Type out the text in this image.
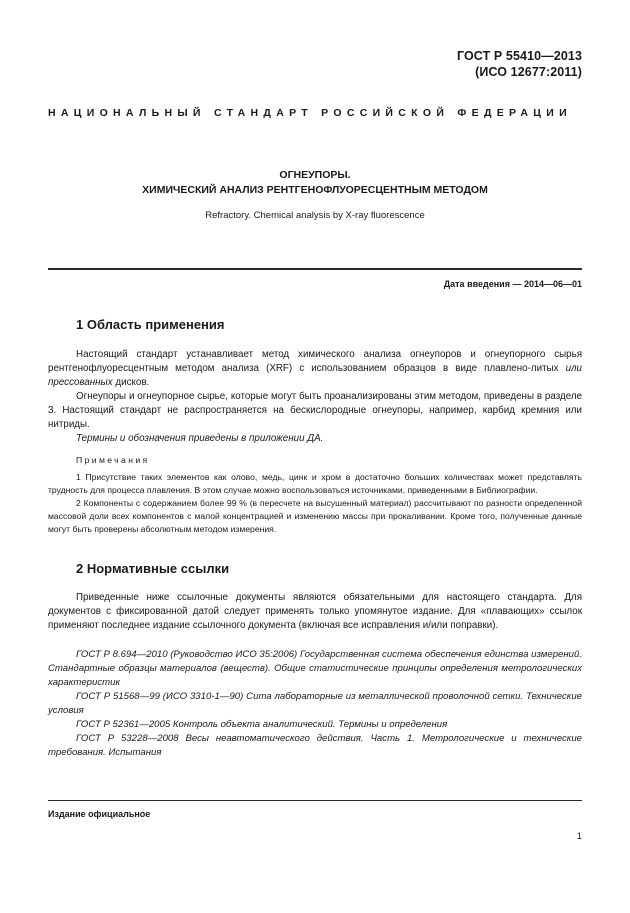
ГОСТ Р 55410—2013
(ИСО 12677:2011)
НАЦИОНАЛЬНЫЙ СТАНДАРТ РОССИЙСКОЙ ФЕДЕРАЦИИ
ОГНЕУПОРЫ.
ХИМИЧЕСКИЙ АНАЛИЗ РЕНТГЕНОФЛУОРЕСЦЕНТНЫМ МЕТОДОМ
Refractory. Chemical analysis by X-ray fluorescence
Дата введения — 2014—06—01
1 Область применения

Настоящий стандарт устанавливает метод химического анализа огнеупоров и огнеупорного сырья рентгенофлуоресцентным методом анализа (XRF) с использованием образцов в виде плавлено-литых или прессованных дисков.

Огнеупоры и огнеупорное сырье, которые могут быть проанализированы этим методом, приведены в разделе 3. Настоящий стандарт не распространяется на бескислородные огнеупоры, например, карбид кремния или нитриды.

Термины и обозначения приведены в приложении ДА.

Примечания

1 Присутствие таких элементов как олово, медь, цинк и хром в достаточно больших количествах может представлять трудность для процесса плавления. В этом случае можно воспользоваться источниками, приведенными в Библиографии.

2 Компоненты с содержанием более 99 % (в пересчете на высушенный материал) рассчитывают по разности определенной массовой доли всех компонентов с малой концентрацией и изменению массы при прокаливании. Кроме того, полученные данные могут быть проверены абсолютным методом измерения.

2 Нормативные ссылки

Приведенные ниже ссылочные документы являются обязательными для настоящего стандарта. Для документов с фиксированной датой следует применять только упомянутое издание. Для «плавающих» ссылок применяют последнее издание ссылочного документа (включая все исправления и/или поправки).

ГОСТ Р 8.694—2010 (Руководство ИСО 35:2006) Государственная система обеспечения единства измерений. Стандартные образцы материалов (веществ). Общие статистические принципы определения метрологических характеристик

ГОСТ Р 51568—99 (ИСО 3310-1—90) Сита лабораторные из металлической проволочной сетки. Технические условия

ГОСТ Р 52361—2005 Контроль объекта аналитический. Термины и определения

ГОСТ Р 53228—2008 Весы неавтоматического действия. Часть 1. Метрологические и технические требования. Испытания

Издание официальное
1
